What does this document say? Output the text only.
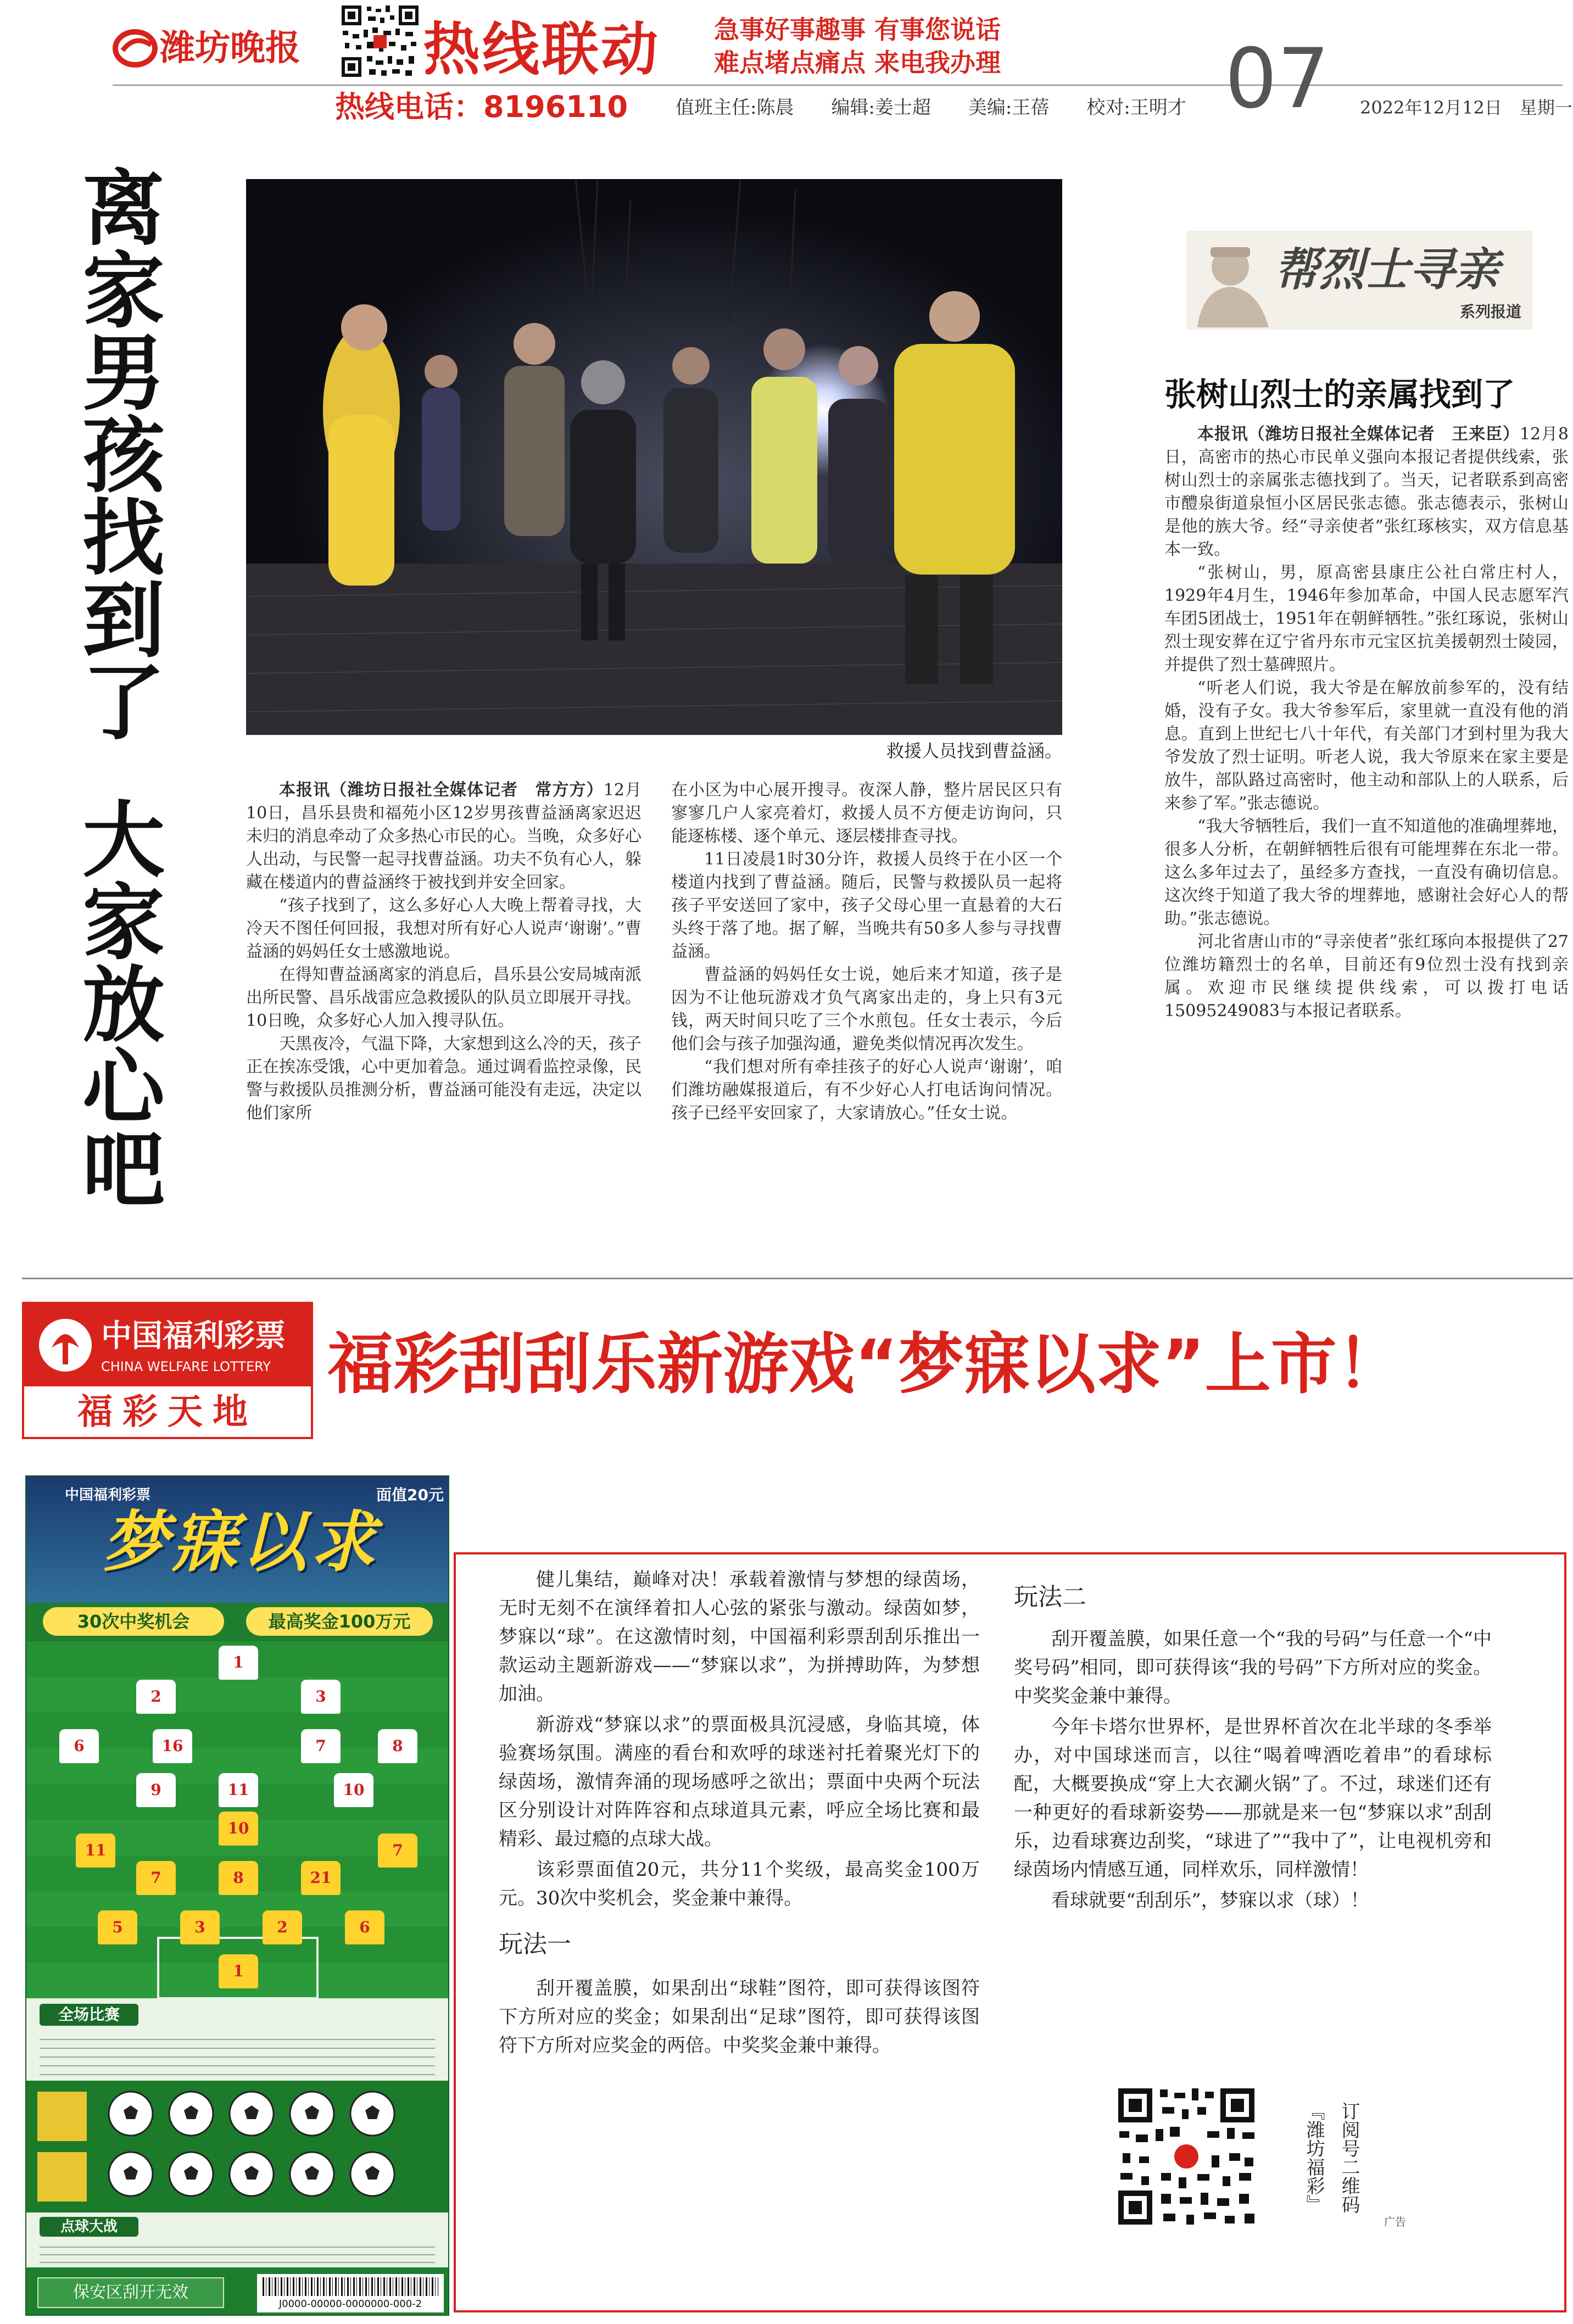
潍坊晚报	热线联动	急事好事趣事 有事您说话
难点堵点痛点 来电我办理
热线电话：8196110	值班主任:陈晨　　编辑:姜士超　　美编:王蓓　　校对:王明才 07 2022年12月12日　星期一
离家男孩找到了
大家放心吧
救援人员找到曹益涵。

本报讯（潍坊日报社全媒体记者　常方方）12月10日，昌乐县贵和福苑小区12岁男孩曹益涵离家迟迟未归的消息牵动了众多热心市民的心。当晚，众多好心人出动，与民警一起寻找曹益涵。功夫不负有心人，躲藏在楼道内的曹益涵终于被找到并安全回家。

“孩子找到了，这么多好心人大晚上帮着寻找，大冷天不图任何回报，我想对所有好心人说声‘谢谢’。”曹益涵的妈妈任女士感激地说。

在得知曹益涵离家的消息后，昌乐县公安局城南派出所民警、昌乐战雷应急救援队的队员立即展开寻找。10日晚，众多好心人加入搜寻队伍。

天黑夜冷，气温下降，大家想到这么冷的天，孩子正在挨冻受饿，心中更加着急。通过调看监控录像，民警与救援队员推测分析，曹益涵可能没有走远，决定以他们家所

在小区为中心展开搜寻。夜深人静，整片居民区只有寥寥几户人家亮着灯，救援人员不方便走访询问，只能逐栋楼、逐个单元、逐层楼排查寻找。

11日凌晨1时30分许，救援人员终于在小区一个楼道内找到了曹益涵。随后，民警与救援队员一起将孩子平安送回了家中，孩子父母心里一直悬着的大石头终于落了地。据了解，当晚共有50多人参与寻找曹益涵。

曹益涵的妈妈任女士说，她后来才知道，孩子是因为不让他玩游戏才负气离家出走的，身上只有3元钱，两天时间只吃了三个水煎包。任女士表示，今后他们会与孩子加强沟通，避免类似情况再次发生。

“我们想对所有牵挂孩子的好心人说声‘谢谢’，咱们潍坊融媒报道后，有不少好心人打电话询问情况。孩子已经平安回家了，大家请放心。”任女士说。

帮烈士寻亲
系列报道
张树山烈士的亲属找到了

本报讯（潍坊日报社全媒体记者　王来臣）12月8日，高密市的热心市民单义强向本报记者提供线索，张树山烈士的亲属张志德找到了。当天，记者联系到高密市醴泉街道泉恒小区居民张志德。张志德表示，张树山是他的族大爷。经“寻亲使者”张红琢核实，双方信息基本一致。

“张树山，男，原高密县康庄公社白常庄村人，1929年4月生，1946年参加革命，中国人民志愿军汽车团5团战士，1951年在朝鲜牺牲。”张红琢说，张树山烈士现安葬在辽宁省丹东市元宝区抗美援朝烈士陵园，并提供了烈士墓碑照片。

“听老人们说，我大爷是在解放前参军的，没有结婚，没有子女。我大爷参军后，家里就一直没有他的消息。直到上世纪七八十年代，有关部门才到村里为我大爷发放了烈士证明。听老人说，我大爷原来在家主要是放牛，部队路过高密时，他主动和部队上的人联系，后来参了军。”张志德说。

“我大爷牺牲后，我们一直不知道他的准确埋葬地，很多人分析，在朝鲜牺牲后很有可能埋葬在东北一带。这么多年过去了，虽经多方查找，一直没有确切信息。这次终于知道了我大爷的埋葬地，感谢社会好心人的帮助。”张志德说。

河北省唐山市的“寻亲使者”张红琢向本报提供了27位潍坊籍烈士的名单，目前还有9位烈士没有找到亲属。欢迎市民继续提供线索，可以拨打电话15095249083与本报记者联系。

中国福利彩票
CHINA WELFARE LOTTERY
福彩天地
福彩刮刮乐新游戏“梦寐以求”上市！
中国福利彩票	面值20元
梦寐以求
30次中奖机会	最高奖金100万元
1
2	3
6	16	7	8
9	11	10
10
11
7	8	21
7
5	3	2	6
1
全场比赛
点球大战
保安区刮开无效
J0000-00000-0000000-000-2

健儿集结，巅峰对决！承载着激情与梦想的绿茵场，无时无刻不在演绎着扣人心弦的紧张与激动。绿茵如梦，梦寐以“球”。在这激情时刻，中国福利彩票刮刮乐推出一款运动主题新游戏——“梦寐以求”，为拼搏助阵，为梦想加油。

新游戏“梦寐以求”的票面极具沉浸感，身临其境，体验赛场氛围。满座的看台和欢呼的球迷衬托着聚光灯下的绿茵场，激情奔涌的现场感呼之欲出；票面中央两个玩法区分别设计对阵阵容和点球道具元素，呼应全场比赛和最精彩、最过瘾的点球大战。

该彩票面值20元，共分11个奖级，最高奖金100万元。30次中奖机会，奖金兼中兼得。

玩法一

刮开覆盖膜，如果刮出“球鞋”图符，即可获得该图符下方所对应的奖金；如果刮出“足球”图符，即可获得该图符下方所对应奖金的两倍。中奖奖金兼中兼得。

玩法二

刮开覆盖膜，如果任意一个“我的号码”与任意一个“中奖号码”相同，即可获得该“我的号码”下方所对应的奖金。中奖奖金兼中兼得。

今年卡塔尔世界杯，是世界杯首次在北半球的冬季举办，对中国球迷而言，以往“喝着啤酒吃着串”的看球标配，大概要换成“穿上大衣涮火锅”了。不过，球迷们还有一种更好的看球新姿势——那就是来一包“梦寐以求”刮刮乐，边看球赛边刮奖，“球进了”“我中了”，让电视机旁和绿茵场内情感互通，同样欢乐，同样激情！

看球就要“刮刮乐”，梦寐以求（球）！

『潍坊福彩』 订阅号二维码
广告
